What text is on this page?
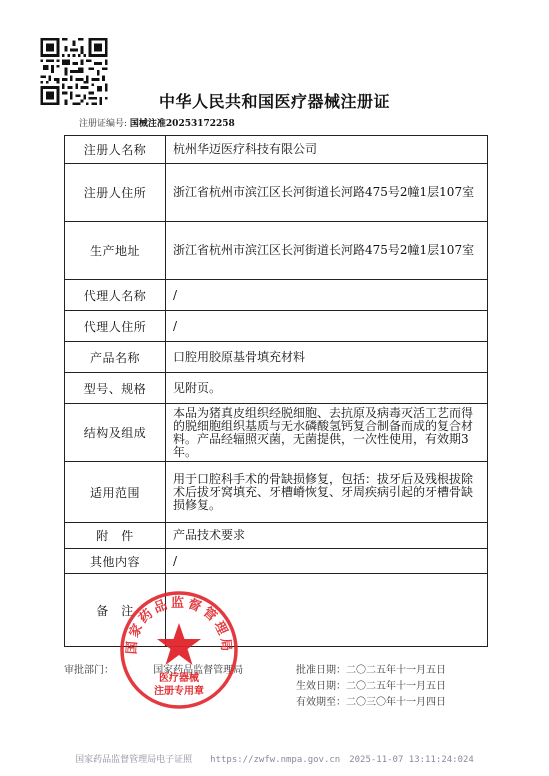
中华人民共和国医疗器械注册证
注册证编号: 国械注准20253172258
注册人名称	杭州华迈医疗科技有限公司
注册人住所	浙江省杭州市滨江区长河街道长河路475号2幢1层107室
生产地址	浙江省杭州市滨江区长河街道长河路475号2幢1层107室
代理人名称	/
代理人住所	/
产品名称	口腔用胶原基骨填充材料
型号、规格	见附页。
结构及组成	本品为猪真皮组织经脱细胞、去抗原及病毒灭活工艺而得的脱细胞组织基质与无水磷酸氢钙复合制备而成的复合材料。产品经辐照灭菌，无菌提供，一次性使用，有效期3年。
适用范围	用于口腔科手术的骨缺损修复，包括：拔牙后及残根拔除术后拔牙窝填充、牙槽嵴恢复、牙周疾病引起的牙槽骨缺损修复。
附　件	产品技术要求
其他内容	/
备　注	
审批部门：	国家药品监督管理局	批准日期：二〇二五年十一月五日
生效日期：二〇二五年十一月五日
有效期至：二〇三〇年十一月四日
国家药品监督管理局
医疗器械
注册专用章
国家药品监督管理局电子证照　　https://zwfw.nmpa.gov.cn　2025-11-07 13:11:24:024
